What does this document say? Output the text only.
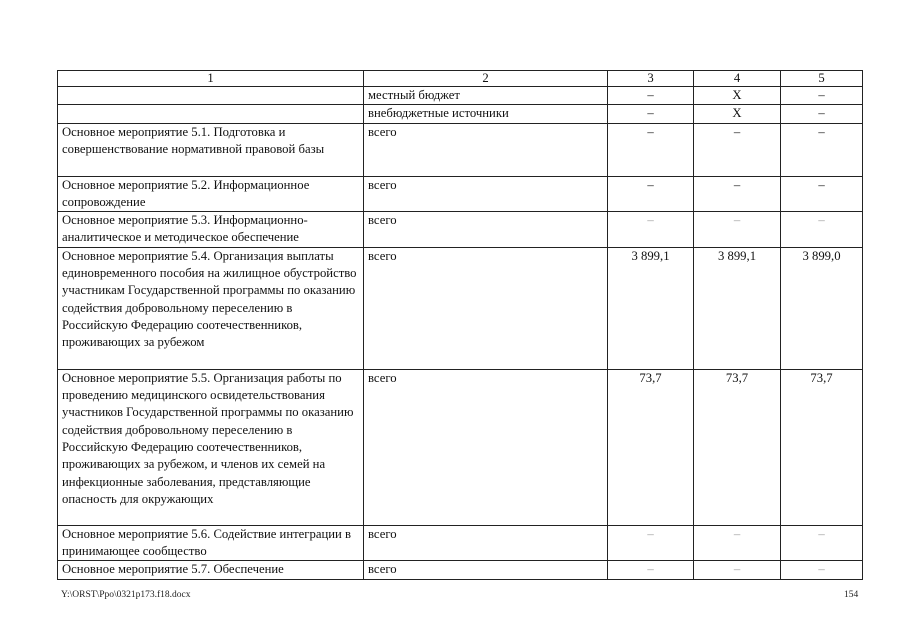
1	2	3	4	5
	местный бюджет	–	Х	–
	внебюджетные источники	–	Х	–
Основное мероприятие 5.1. Подготовка и совершенствование нормативной правовой базы	всего	–	–	–
Основное мероприятие 5.2. Информационное сопровождение	всего	–	–	–
Основное мероприятие 5.3. Информационно-аналитическое и методическое обеспечение	всего	–	–	–
Основное мероприятие 5.4. Организация выплаты единовременного пособия на жилищное обустройство участникам Государственной программы по оказанию содействия добровольному переселению в Российскую Федерацию соотечественников, проживающих за рубежом	всего	3 899,1	3 899,1	3 899,0
Основное мероприятие 5.5. Организация работы по проведению медицинского освидетельствования участников Государственной программы по оказанию содействия добровольному переселению в Российскую Федерацию соотечественников, проживающих за рубежом, и членов их семей на инфекционные заболевания, представляющие опасность для окружающих	всего	73,7	73,7	73,7
Основное мероприятие 5.6. Содействие интеграции в принимающее сообщество	всего	–	–	–
Основное мероприятие 5.7. Обеспечение	всего	–	–	–
Y:\ORST\Ppo\0321p173.f18.docx	154
